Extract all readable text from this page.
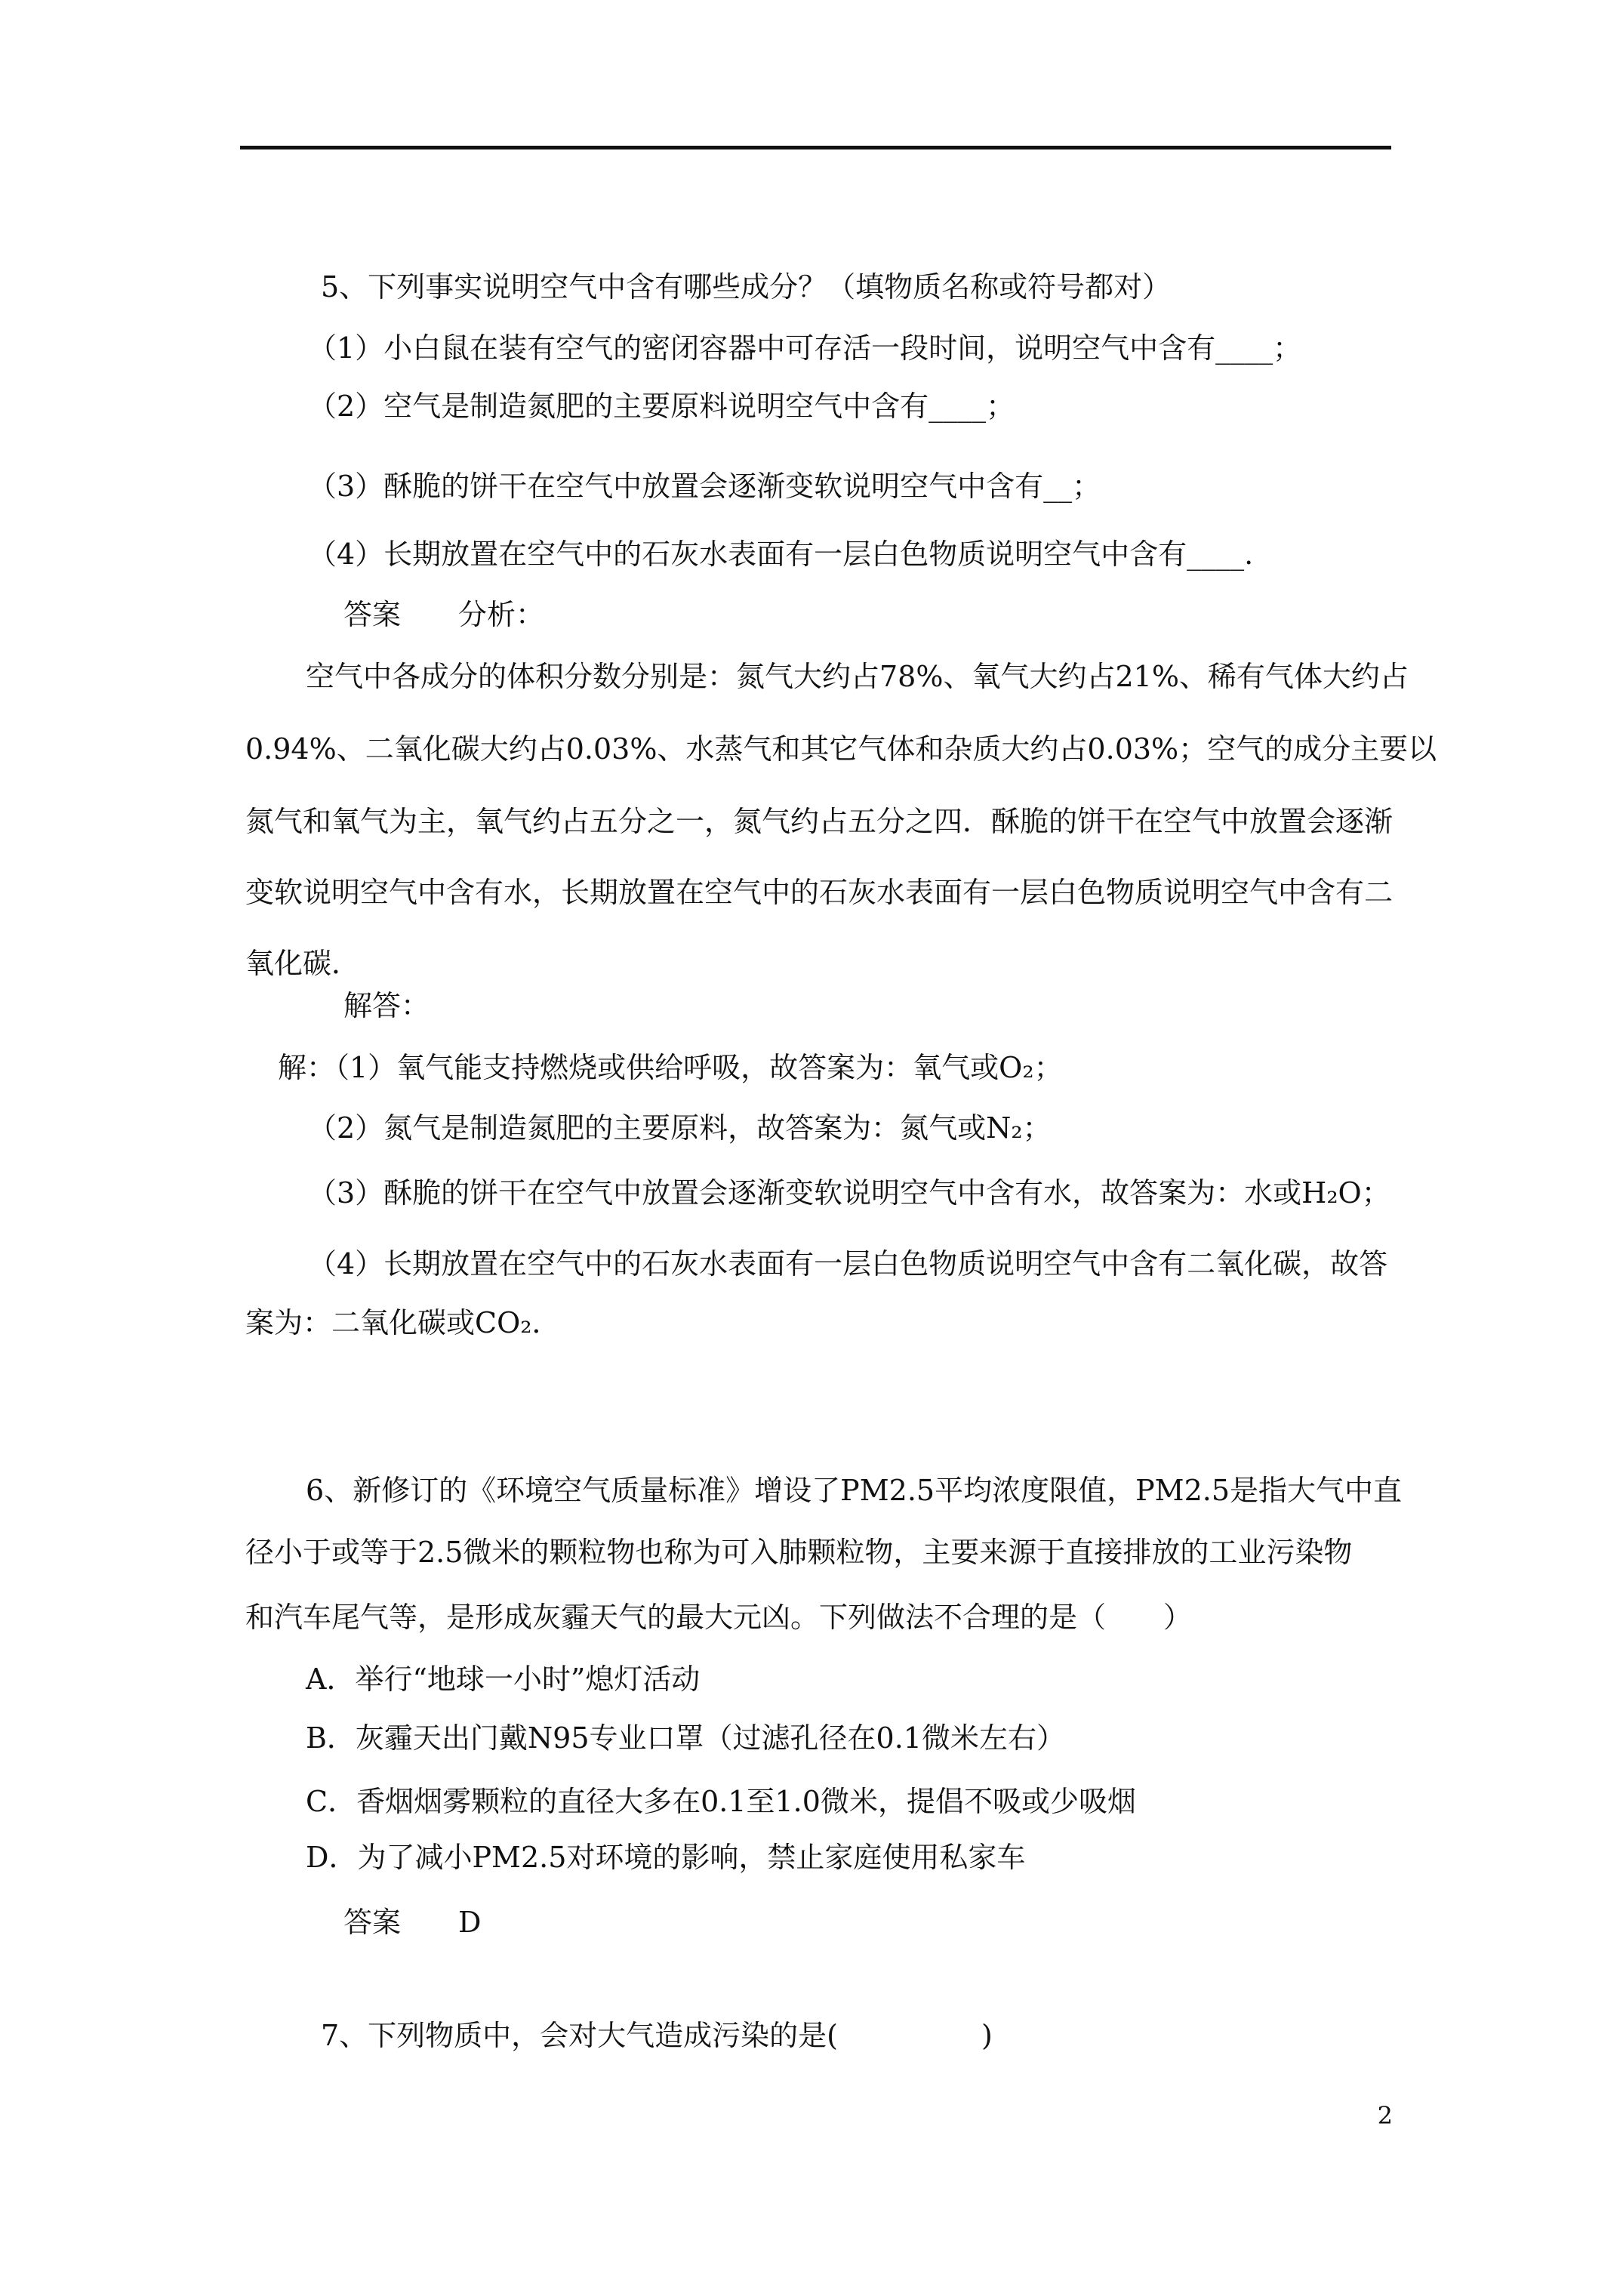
5、下列事实说明空气中含有哪些成分？（填物质名称或符号都对）
（1）小白鼠在装有空气的密闭容器中可存活一段时间，说明空气中含有____；
（2）空气是制造氮肥的主要原料说明空气中含有____；
（3）酥脆的饼干在空气中放置会逐渐变软说明空气中含有__；
（4）长期放置在空气中的石灰水表面有一层白色物质说明空气中含有____.
答案　　分析：
空气中各成分的体积分数分别是：氮气大约占78%、氧气大约占21%、稀有气体大约占
0.94%、二氧化碳大约占0.03%、水蒸气和其它气体和杂质大约占0.03%；空气的成分主要以
氮气和氧气为主，氧气约占五分之一，氮气约占五分之四．酥脆的饼干在空气中放置会逐渐
变软说明空气中含有水，长期放置在空气中的石灰水表面有一层白色物质说明空气中含有二
氧化碳．
解答：
解：（1）氧气能支持燃烧或供给呼吸，故答案为：氧气或O₂；
（2）氮气是制造氮肥的主要原料，故答案为：氮气或N₂；
（3）酥脆的饼干在空气中放置会逐渐变软说明空气中含有水，故答案为：水或H₂O；
（4）长期放置在空气中的石灰水表面有一层白色物质说明空气中含有二氧化碳，故答
案为：二氧化碳或CO₂．
6、新修订的《环境空气质量标准》增设了PM2.5平均浓度限值，PM2.5是指大气中直
径小于或等于2.5微米的颗粒物也称为可入肺颗粒物，主要来源于直接排放的工业污染物
和汽车尾气等，是形成灰霾天气的最大元凶。下列做法不合理的是（　　）
A．举行“地球一小时”熄灯活动
B．灰霾天出门戴N95专业口罩（过滤孔径在0.1微米左右）
C．香烟烟雾颗粒的直径大多在0.1至1.0微米，提倡不吸或少吸烟
D．为了减小PM2.5对环境的影响，禁止家庭使用私家车
答案　　D
7、下列物质中，会对大气造成污染的是(　　　　　)
2
